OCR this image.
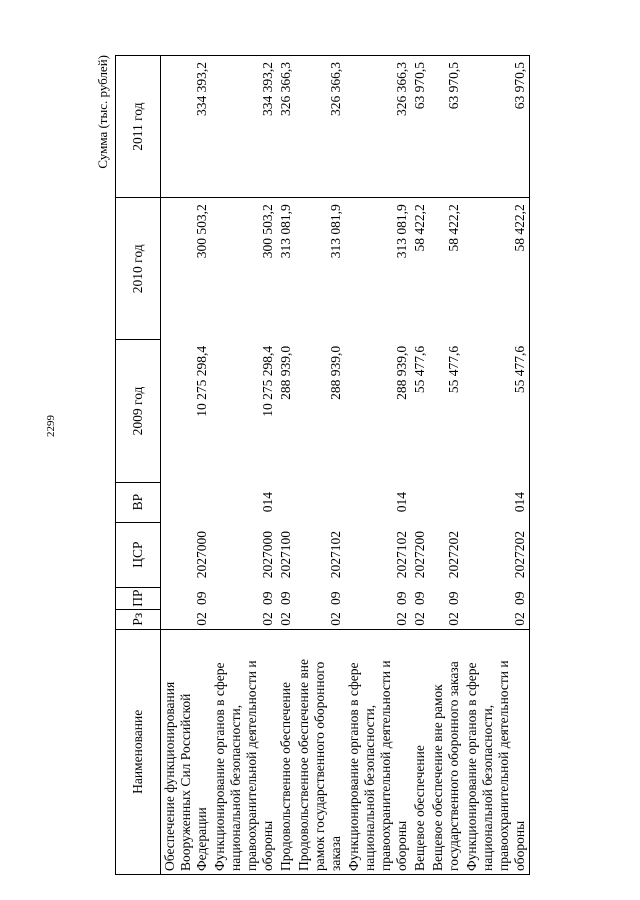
2299
Сумма (тыс. рублей)
Наименование	Рз	ПР	ЦСР	ВР	2009 год	2010 год	2011 год
Обеспечение функционирования Вооруженных Сил Российской Федерации	02	09	2027000		10 275 298,4	300 503,2	334 393,2
Функционирование органов в сфере национальной безопасности, правоохранительной деятельности и обороны	02	09	2027000	014	10 275 298,4	300 503,2	334 393,2
Продовольственное обеспечение	02	09	2027100		288 939,0	313 081,9	326 366,3
Продовольственное обеспечение вне рамок государственного оборонного заказа	02	09	2027102		288 939,0	313 081,9	326 366,3
Функционирование органов в сфере национальной безопасности, правоохранительной деятельности и обороны	02	09	2027102	014	288 939,0	313 081,9	326 366,3
Вещевое обеспечение	02	09	2027200		55 477,6	58 422,2	63 970,5
Вещевое обеспечение вне рамок государственного оборонного заказа	02	09	2027202		55 477,6	58 422,2	63 970,5
Функционирование органов в сфере национальной безопасности, правоохранительной деятельности и обороны	02	09	2027202	014	55 477,6	58 422,2	63 970,5
